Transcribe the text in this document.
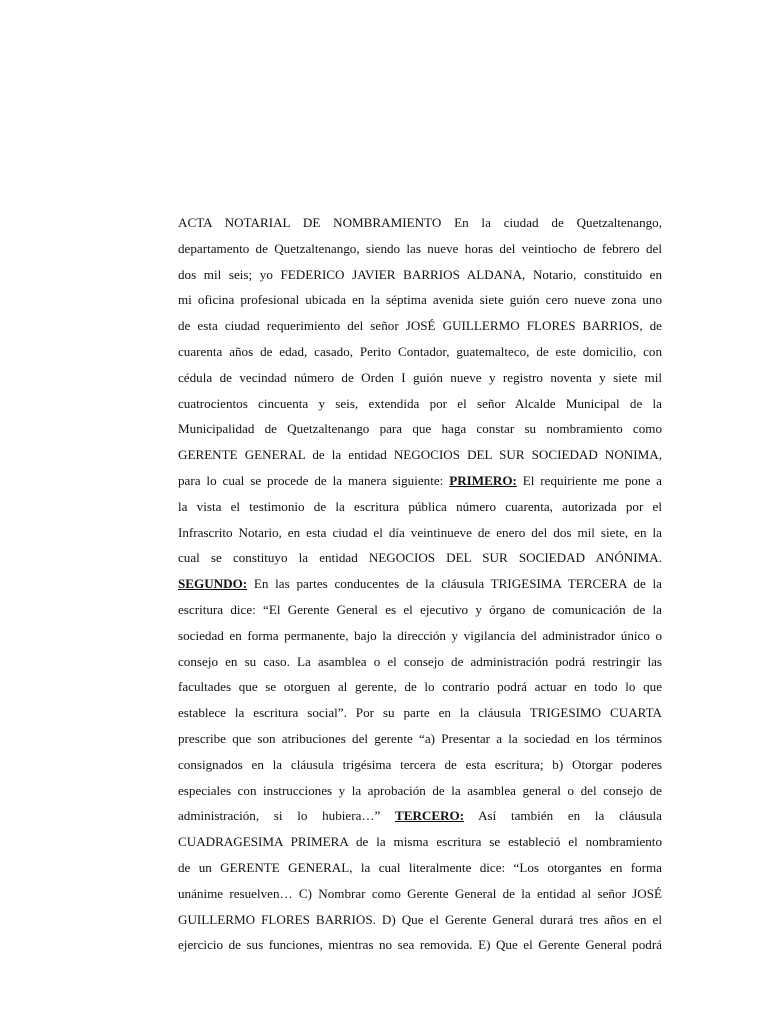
ACTA NOTARIAL DE NOMBRAMIENTO En la ciudad de Quetzaltenango,
departamento de Quetzaltenango, siendo las nueve horas del veintiocho de febrero del
dos mil seis; yo FEDERICO JAVIER BARRIOS ALDANA, Notario, constituido en
mi oficina profesional ubicada en la séptima avenida siete guión cero nueve zona uno
de esta ciudad requerimiento del señor JOSÉ GUILLERMO FLORES BARRIOS, de
cuarenta años de edad, casado, Perito Contador, guatemalteco, de este domicilio, con
cédula de vecindad número de Orden I guión nueve y registro noventa y siete mil
cuatrocientos cincuenta y seis, extendida por el señor Alcalde Municipal de la
Municipalidad de Quetzaltenango para que haga constar su nombramiento como
GERENTE GENERAL de la entidad NEGOCIOS DEL SUR SOCIEDAD NONIMA,
para lo cual se procede de la manera siguiente: PRIMERO: El requiriente me pone a
la vista el testimonio de la escritura pública número cuarenta, autorizada por el
Infrascrito Notario, en esta ciudad el día veintinueve de enero del dos mil siete, en la
cual se constituyo la entidad NEGOCIOS DEL SUR SOCIEDAD ANÓNIMA.
SEGUNDO: En las partes conducentes de la cláusula TRIGESIMA TERCERA de la
escritura dice: “El Gerente General es el ejecutivo y órgano de comunicación de la
sociedad en forma permanente, bajo la dirección y vigilancia del administrador único o
consejo en su caso. La asamblea o el consejo de administración podrá restringir las
facultades que se otorguen al gerente, de lo contrario podrá actuar en todo lo que
establece la escritura social”. Por su parte en la cláusula TRIGESIMO CUARTA
prescribe que son atribuciones del gerente “a) Presentar a la sociedad en los términos
consignados en la cláusula trigésima tercera de esta escritura; b) Otorgar poderes
especiales con instrucciones y la aprobación de la asamblea general o del consejo de
administración, si lo hubiera…” TERCERO: Así también en la cláusula
CUADRAGESIMA PRIMERA de la misma escritura se estableció el nombramiento
de un GERENTE GENERAL, la cual literalmente dice: “Los otorgantes en forma
unánime resuelven… C) Nombrar como Gerente General de la entidad al señor JOSÉ
GUILLERMO FLORES BARRIOS. D) Que el Gerente General durará tres años en el
ejercicio de sus funciones, mientras no sea removida. E) Que el Gerente General podrá
